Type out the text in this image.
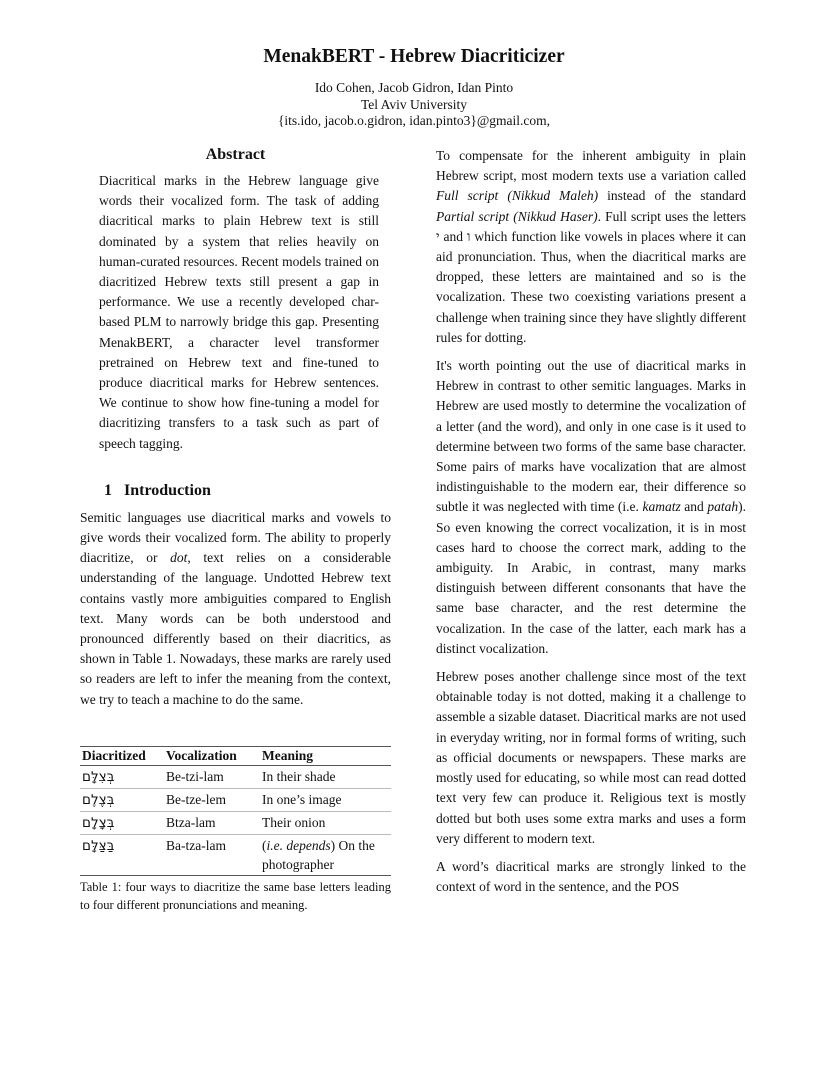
MenakBERT - Hebrew Diacriticizer
Ido Cohen, Jacob Gidron, Idan Pinto
Tel Aviv University
{its.ido, jacob.o.gidron, idan.pinto3}@gmail.com,
Abstract

Diacritical marks in the Hebrew language give words their vocalized form. The task of adding diacritical marks to plain Hebrew text is still dominated by a system that relies heavily on human-curated resources. Recent models trained on diacritized Hebrew texts still present a gap in performance. We use a recently developed char-based PLM to narrowly bridge this gap. Presenting MenakBERT, a character level transformer pretrained on Hebrew text and fine-tuned to produce diacritical marks for Hebrew sentences. We continue to show how fine-tuning a model for diacritizing transfers to a task such as part of speech tagging.

1 Introduction

Semitic languages use diacritical marks and vowels to give words their vocalized form. The ability to properly diacritize, or dot, text relies on a considerable understanding of the language. Undotted Hebrew text contains vastly more ambiguities compared to English text. Many words can be both understood and pronounced differently based on their diacritics, as shown in Table 1. Nowadays, these marks are rarely used so readers are left to infer the meaning from the context, we try to teach a machine to do the same.

Diacritized	Vocalization	Meaning
בְּצִלָּם	Be-tzi-lam	In their shade
בְּצֶלֶם	Be-tze-lem	In one’s image
בְּצָלָם	Btza-lam	Their onion
בַּצַּלָּם	Ba-tza-lam	(i.e. depends) On the photographer
Table 1: four ways to diacritize the same base letters leading to four different pronunciations and meaning.

To compensate for the inherent ambiguity in plain Hebrew script, most modern texts use a variation called Full script (Nikkud Maleh) instead of the standard Partial script (Nikkud Haser). Full script uses the letters י and ו which function like vowels in places where it can aid pronunciation. Thus, when the diacritical marks are dropped, these letters are maintained and so is the vocalization. These two coexisting variations present a challenge when training since they have slightly different rules for dotting.

It's worth pointing out the use of diacritical marks in Hebrew in contrast to other semitic languages. Marks in Hebrew are used mostly to determine the vocalization of a letter (and the word), and only in one case is it used to determine between two forms of the same base character. Some pairs of marks have vocalization that are almost indistinguishable to the modern ear, their difference so subtle it was neglected with time (i.e. kamatz and patah). So even knowing the correct vocalization, it is in most cases hard to choose the correct mark, adding to the ambiguity. In Arabic, in contrast, many marks distinguish between different consonants that have the same base character, and the rest determine the vocalization. In the case of the latter, each mark has a distinct vocalization.

Hebrew poses another challenge since most of the text obtainable today is not dotted, making it a challenge to assemble a sizable dataset. Diacritical marks are not used in everyday writing, nor in formal forms of writing, such as official documents or newspapers. These marks are mostly used for educating, so while most can read dotted text very few can produce it. Religious text is mostly dotted but both uses some extra marks and uses a form very different to modern text.

A word’s diacritical marks are strongly linked to the context of word in the sentence, and the POS
